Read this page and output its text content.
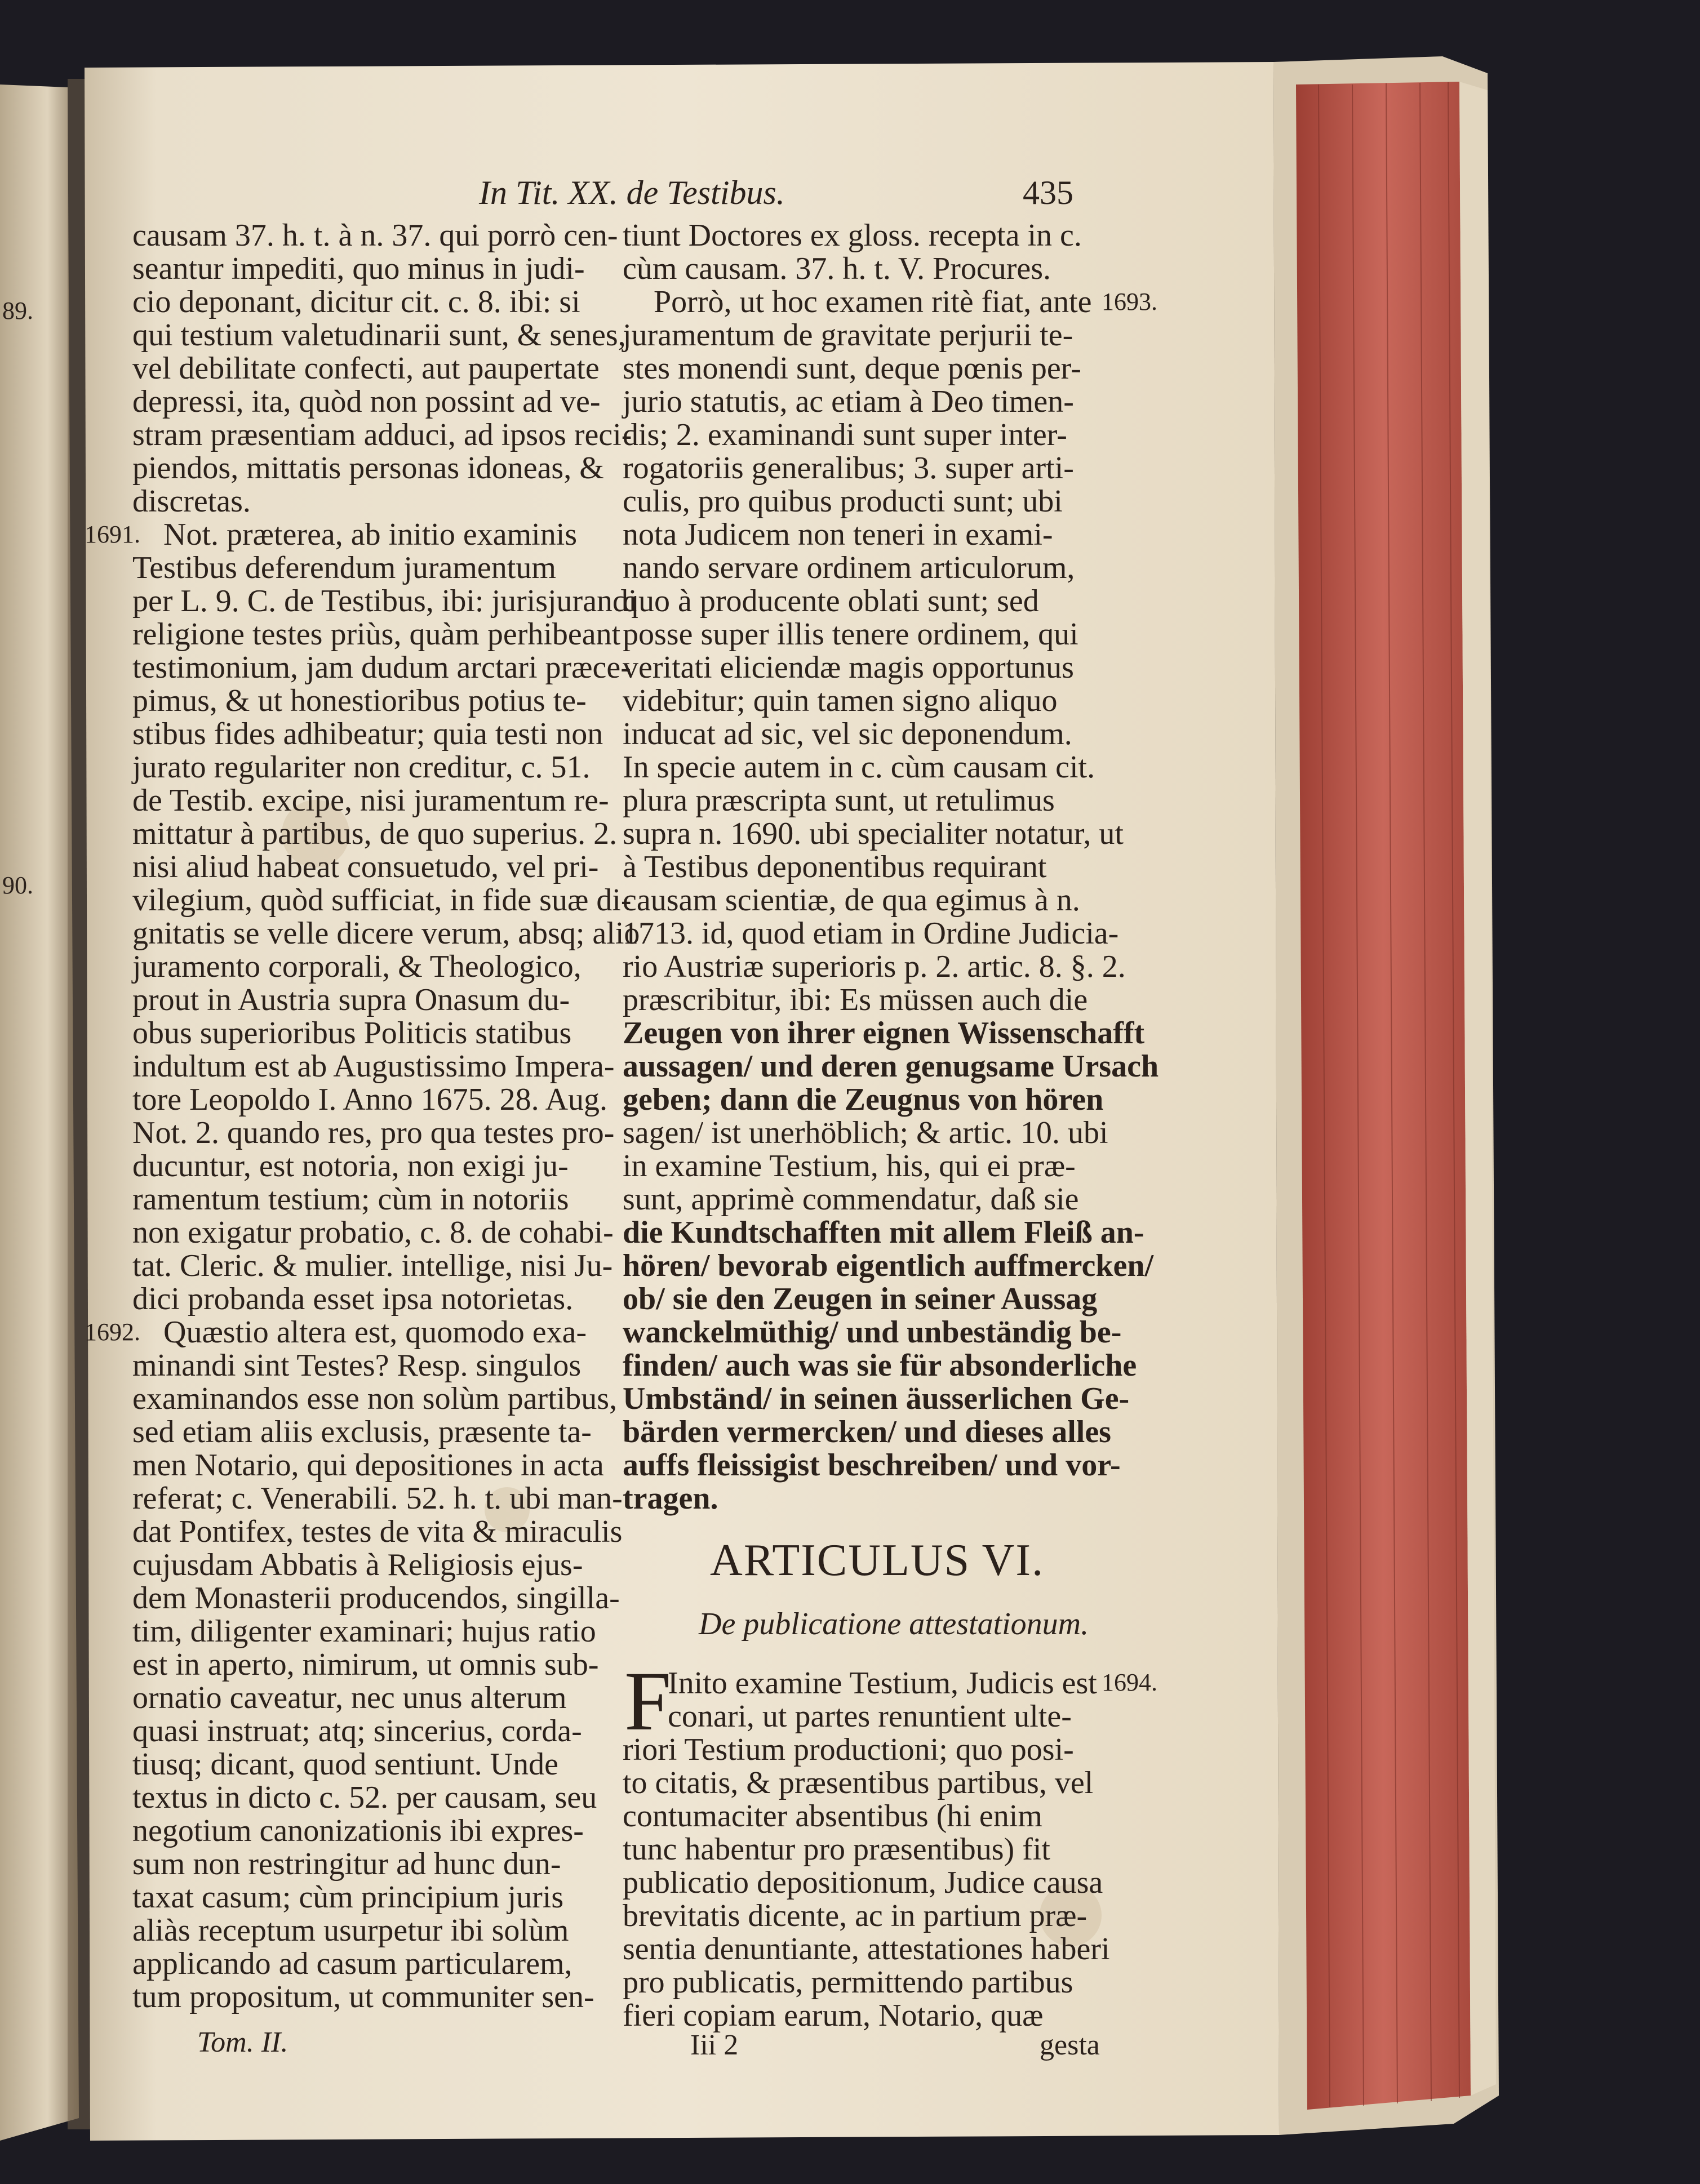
89.
90.
In Tit. XX. de Testibus.	435
causam 37. h. t. à n. 37. qui porrò cen-
seantur impediti, quo minus in judi-
cio deponant, dicitur cit. c. 8. ibi: si
qui testium valetudinarii sunt, & senes,
vel debilitate confecti, aut paupertate
depressi, ita, quòd non possint ad ve-
stram præsentiam adduci, ad ipsos reci-
piendos, mittatis personas idoneas, &
discretas.
1691. Not. præterea, ab initio examinis
Testibus deferendum juramentum
per L. 9. C. de Testibus, ibi: jurisjurandi
religione testes priùs, quàm perhibeant
testimonium, jam dudum arctari præce-
pimus, & ut honestioribus potius te-
stibus fides adhibeatur; quia testi non
jurato regulariter non creditur, c. 51.
de Testib. excipe, nisi juramentum re-
mittatur à partibus, de quo superius. 2.
nisi aliud habeat consuetudo, vel pri-
vilegium, quòd sufficiat, in fide suæ di-
gnitatis se velle dicere verum, absq; alio
juramento corporali, & Theologico,
prout in Austria supra Onasum du-
obus superioribus Politicis statibus
indultum est ab Augustissimo Impera-
tore Leopoldo I. Anno 1675. 28. Aug.
Not. 2. quando res, pro qua testes pro-
ducuntur, est notoria, non exigi ju-
ramentum testium; cùm in notoriis
non exigatur probatio, c. 8. de cohabi-
tat. Cleric. & mulier. intellige, nisi Ju-
dici probanda esset ipsa notorietas.
1692. Quæstio altera est, quomodo exa-
minandi sint Testes? Resp. singulos
examinandos esse non solùm partibus,
sed etiam aliis exclusis, præsente ta-
men Notario, qui depositiones in acta
referat; c. Venerabili. 52. h. t. ubi man-
dat Pontifex, testes de vita & miraculis
cujusdam Abbatis à Religiosis ejus-
dem Monasterii producendos, singilla-
tim, diligenter examinari; hujus ratio
est in aperto, nimirum, ut omnis sub-
ornatio caveatur, nec unus alterum
quasi instruat; atq; sincerius, corda-
tiusq; dicant, quod sentiunt. Unde
textus in dicto c. 52. per causam, seu
negotium canonizationis ibi expres-
sum non restringitur ad hunc dun-
taxat casum; cùm principium juris
aliàs receptum usurpetur ibi solùm
applicando ad casum particularem,
tum propositum, ut communiter sen-
Tom. II.
tiunt Doctores ex gloss. recepta in c.
cùm causam. 37. h. t. V. Procures.
1693.
Porrò, ut hoc examen ritè fiat, ante
juramentum de gravitate perjurii te-
stes monendi sunt, deque pœnis per-
jurio statutis, ac etiam à Deo timen-
dis; 2. examinandi sunt super inter-
rogatoriis generalibus; 3. super arti-
culis, pro quibus producti sunt; ubi
nota Judicem non teneri in exami-
nando servare ordinem articulorum,
quo à producente oblati sunt; sed
posse super illis tenere ordinem, qui
veritati eliciendæ magis opportunus
videbitur; quin tamen signo aliquo
inducat ad sic, vel sic deponendum.
In specie autem in c. cùm causam cit.
plura præscripta sunt, ut retulimus
supra n. 1690. ubi specialiter notatur, ut
à Testibus deponentibus requirant
causam scientiæ, de qua egimus à n.
1713. id, quod etiam in Ordine Judicia-
rio Austriæ superioris p. 2. artic. 8. §. 2.
præscribitur, ibi: Es müssen auch die
Zeugen von ihrer eignen Wissenschafft
aussagen/ und deren genugsame Ursach
geben; dann die Zeugnus von hören
sagen/ ist unerhöblich; & artic. 10. ubi
in examine Testium, his, qui ei præ-
sunt, apprimè commendatur, daß sie
die Kundtschafften mit allem Fleiß an-
hören/ bevorab eigentlich auffmercken/
ob/ sie den Zeugen in seiner Aussag
wanckelmüthig/ und unbeständig be-
finden/ auch was sie für absonderliche
Umbständ/ in seinen äusserlichen Ge-
bärden vermercken/ und dieses alles
auffs fleissigist beschreiben/ und vor-
tragen.
ARTICULUS VI.
De publicatione attestationum.
F	1694.
Inito examine Testium, Judicis est
conari, ut partes renuntient ulte-
riori Testium productioni; quo posi-
to citatis, & præsentibus partibus, vel
contumaciter absentibus (hi enim
tunc habentur pro præsentibus) fit
publicatio depositionum, Judice causa
brevitatis dicente, ac in partium præ-
sentia denuntiante, attestationes haberi
pro publicatis, permittendo partibus
fieri copiam earum, Notario, quæ
Iii 2	gesta
